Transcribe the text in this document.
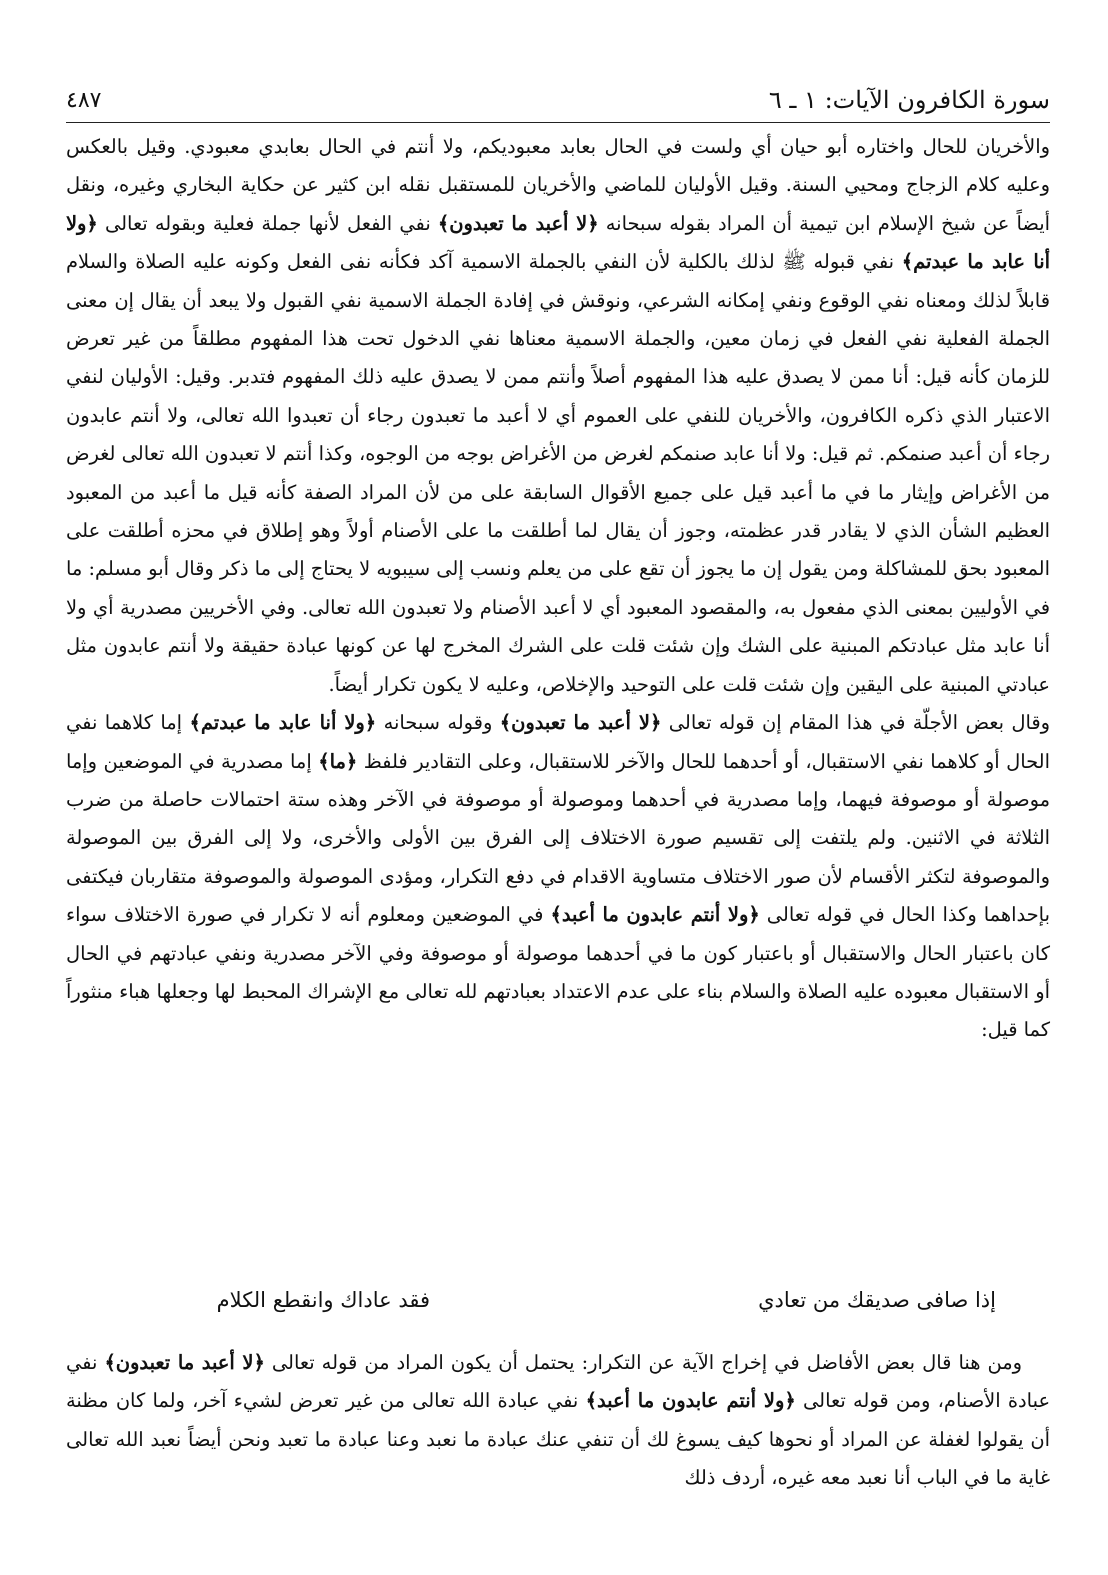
سورة الكافرون الآيات: ١ ـ ٦
٤٨٧

والأخريان للحال واختاره أبو حيان أي ولست في الحال بعابد معبوديكم، ولا أنتم في الحال بعابدي معبودي. وقيل بالعكس وعليه كلام الزجاج ومحيي السنة. وقيل الأوليان للماضي والأخريان للمستقبل نقله ابن كثير عن حكاية البخاري وغيره، ونقل أيضاً عن شيخ الإسلام ابن تيمية أن المراد بقوله سبحانه ﴿لا أعبد ما تعبدون﴾ نفي الفعل لأنها جملة فعلية وبقوله تعالى ﴿ولا أنا عابد ما عبدتم﴾ نفي قبوله ﷺ لذلك بالكلية لأن النفي بالجملة الاسمية آكد فكأنه نفى الفعل وكونه عليه الصلاة والسلام قابلاً لذلك ومعناه نفي الوقوع ونفي إمكانه الشرعي، ونوقش في إفادة الجملة الاسمية نفي القبول ولا يبعد أن يقال إن معنى الجملة الفعلية نفي الفعل في زمان معين، والجملة الاسمية معناها نفي الدخول تحت هذا المفهوم مطلقاً من غير تعرض للزمان كأنه قيل: أنا ممن لا يصدق عليه هذا المفهوم أصلاً وأنتم ممن لا يصدق عليه ذلك المفهوم فتدبر. وقيل: الأوليان لنفي الاعتبار الذي ذكره الكافرون، والأخريان للنفي على العموم أي لا أعبد ما تعبدون رجاء أن تعبدوا الله تعالى، ولا أنتم عابدون رجاء أن أعبد صنمكم. ثم قيل: ولا أنا عابد صنمكم لغرض من الأغراض بوجه من الوجوه، وكذا أنتم لا تعبدون الله تعالى لغرض من الأغراض وإيثار ما في ما أعبد قيل على جميع الأقوال السابقة على من لأن المراد الصفة كأنه قيل ما أعبد من المعبود العظيم الشأن الذي لا يقادر قدر عظمته، وجوز أن يقال لما أطلقت ما على الأصنام أولاً وهو إطلاق في محزه أطلقت على المعبود بحق للمشاكلة ومن يقول إن ما يجوز أن تقع على من يعلم ونسب إلى سيبويه لا يحتاج إلى ما ذكر وقال أبو مسلم: ما في الأوليين بمعنى الذي مفعول به، والمقصود المعبود أي لا أعبد الأصنام ولا تعبدون الله تعالى. وفي الأخريين مصدرية أي ولا أنا عابد مثل عبادتكم المبنية على الشك وإن شئت قلت على الشرك المخرج لها عن كونها عبادة حقيقة ولا أنتم عابدون مثل عبادتي المبنية على اليقين وإن شئت قلت على التوحيد والإخلاص، وعليه لا يكون تكرار أيضاً.

وقال بعض الأجلّة في هذا المقام إن قوله تعالى ﴿لا أعبد ما تعبدون﴾ وقوله سبحانه ﴿ولا أنا عابد ما عبدتم﴾ إما كلاهما نفي الحال أو كلاهما نفي الاستقبال، أو أحدهما للحال والآخر للاستقبال، وعلى التقادير فلفظ ﴿ما﴾ إما مصدرية في الموضعين وإما موصولة أو موصوفة فيهما، وإما مصدرية في أحدهما وموصولة أو موصوفة في الآخر وهذه ستة احتمالات حاصلة من ضرب الثلاثة في الاثنين. ولم يلتفت إلى تقسيم صورة الاختلاف إلى الفرق بين الأولى والأخرى، ولا إلى الفرق بين الموصولة والموصوفة لتكثر الأقسام لأن صور الاختلاف متساوية الاقدام في دفع التكرار، ومؤدى الموصولة والموصوفة متقاربان فيكتفى بإحداهما وكذا الحال في قوله تعالى ﴿ولا أنتم عابدون ما أعبد﴾ في الموضعين ومعلوم أنه لا تكرار في صورة الاختلاف سواء كان باعتبار الحال والاستقبال أو باعتبار كون ما في أحدهما موصولة أو موصوفة وفي الآخر مصدرية ونفي عبادتهم في الحال أو الاستقبال معبوده عليه الصلاة والسلام بناء على عدم الاعتداد بعبادتهم لله تعالى مع الإشراك المحبط لها وجعلها هباء منثوراً كما قيل:

إذا صافى صديقك من تعادي
فقد عاداك وانقطع الكلام

ومن هنا قال بعض الأفاضل في إخراج الآية عن التكرار: يحتمل أن يكون المراد من قوله تعالى ﴿لا أعبد ما تعبدون﴾ نفي عبادة الأصنام، ومن قوله تعالى ﴿ولا أنتم عابدون ما أعبد﴾ نفي عبادة الله تعالى من غير تعرض لشيء آخر، ولما كان مظنة أن يقولوا لغفلة عن المراد أو نحوها كيف يسوغ لك أن تنفي عنك عبادة ما نعبد وعنا عبادة ما تعبد ونحن أيضاً نعبد الله تعالى غاية ما في الباب أنا نعبد معه غيره، أردف ذلك
